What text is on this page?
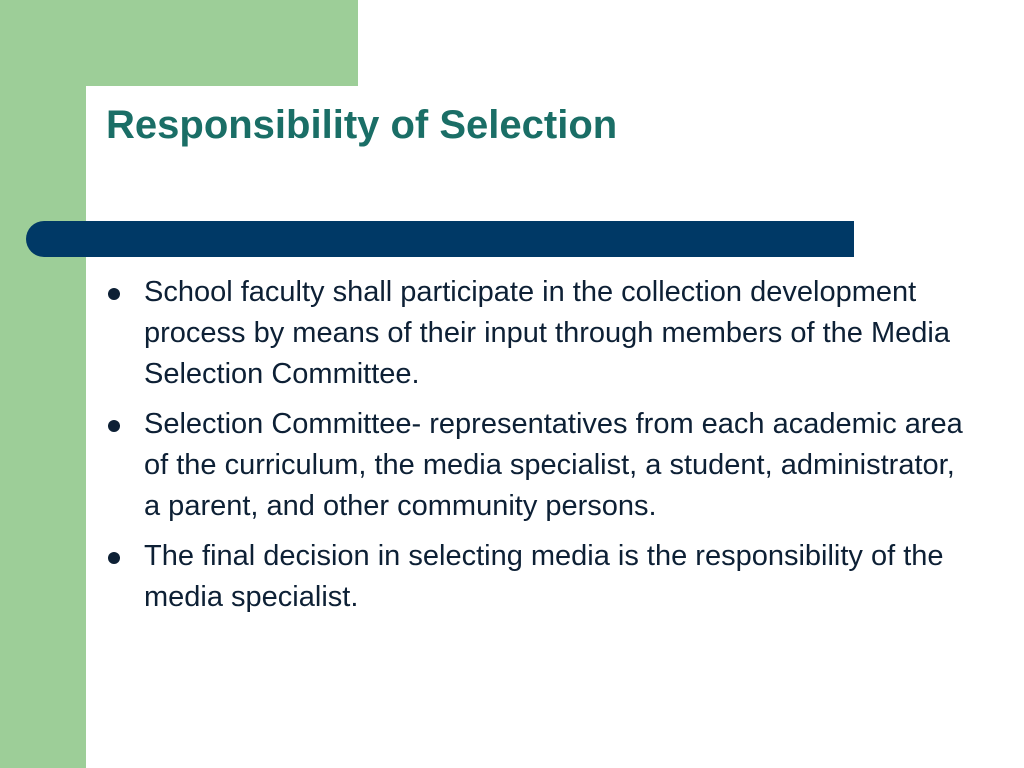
Responsibility of Selection
School faculty shall participate in the collection development process by means of their input through members of the Media Selection Committee.
Selection Committee- representatives from each academic area of the curriculum, the media specialist, a student, administrator, a parent, and other community persons.
The final decision in selecting media is the responsibility of the media specialist.
